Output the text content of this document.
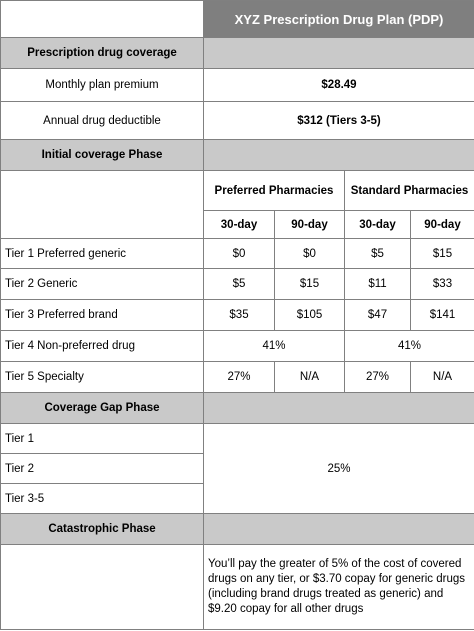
	XYZ Prescription Drug Plan (PDP)			
Prescription drug coverage				
Monthly plan premium	$28.49			
Annual drug deductible	$312 (Tiers 3-5)			
Initial coverage Phase				
	Preferred Pharmacies		Standard Pharmacies	
	30-day	90-day	30-day	90-day
Tier 1 Preferred generic	$0	$0	$5	$15
Tier 2 Generic	$5	$15	$11	$33
Tier 3 Preferred brand	$35	$105	$47	$141
Tier 4 Non-preferred drug	41%		41%	
Tier 5 Specialty	27%	N/A	27%	N/A
Coverage Gap Phase				
Tier 1	25%			
Tier 2				
Tier 3-5				
Catastrophic Phase				
	You’ll pay the greater of 5% of the cost of covered drugs on any tier, or $3.70 copay for generic drugs (including brand drugs treated as generic) and $9.20 copay for all other drugs			
